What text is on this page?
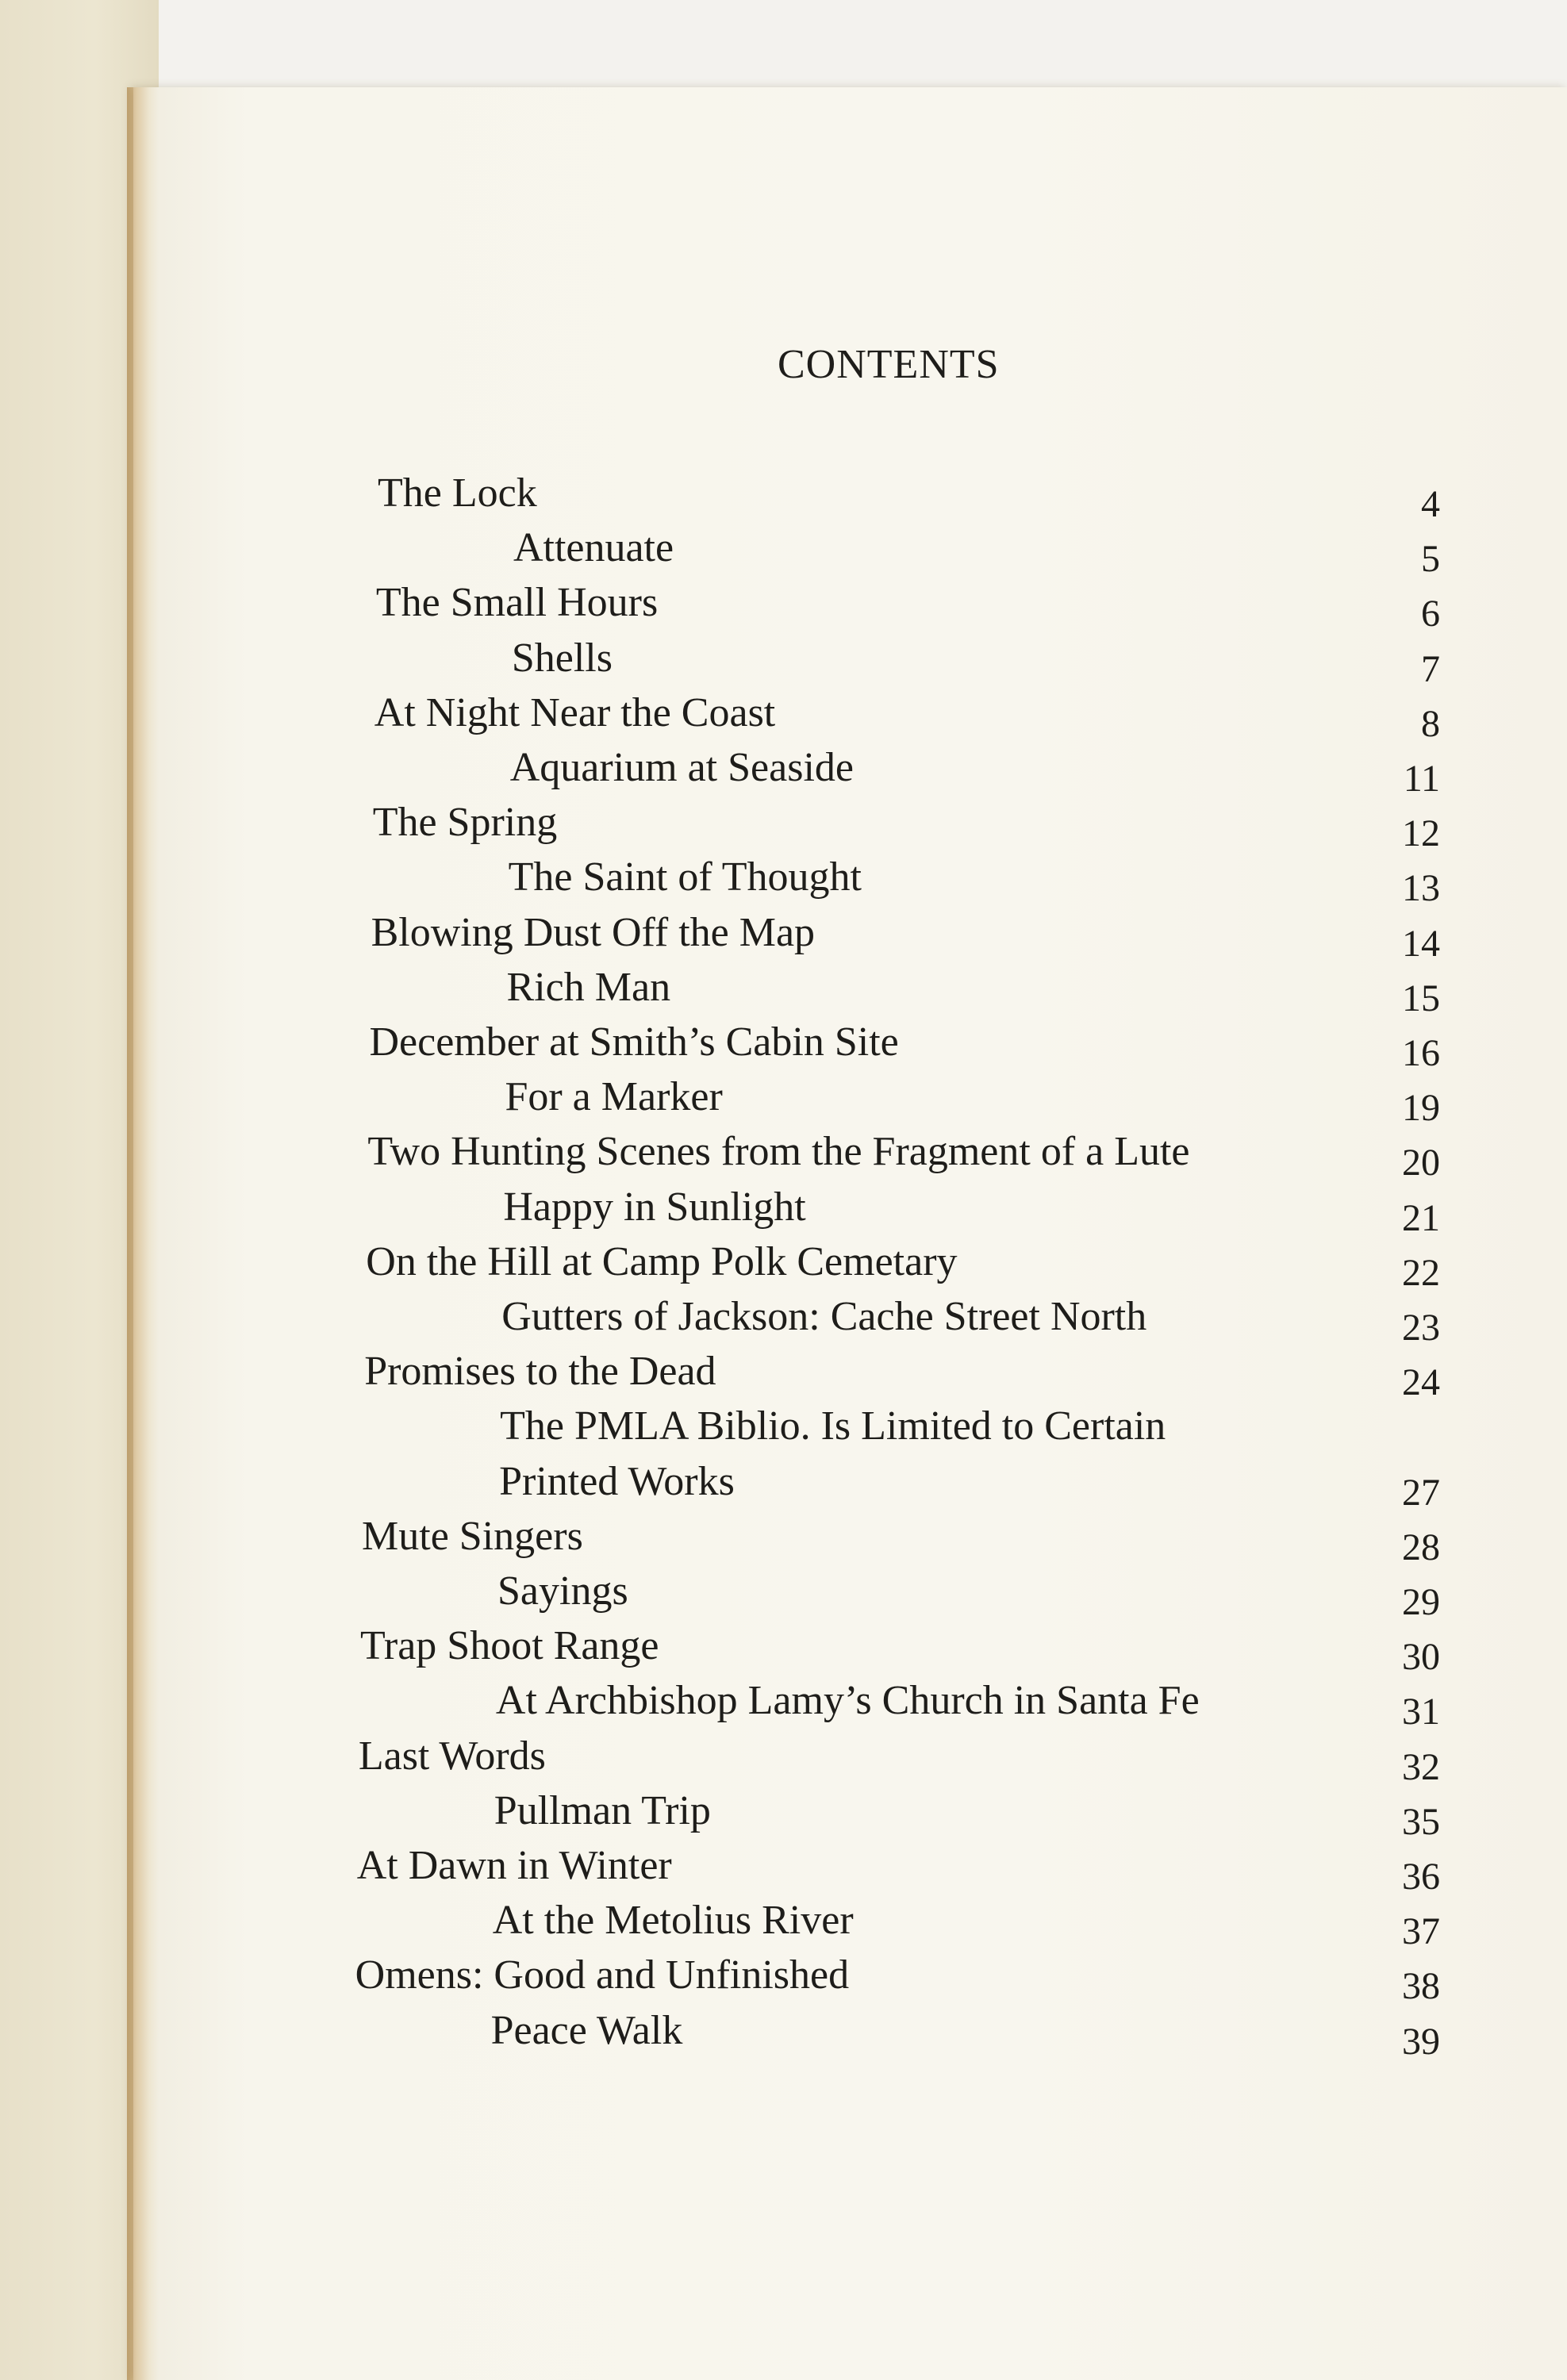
CONTENTS
The Lock	4
Attenuate	5
The Small Hours	6
Shells	7
At Night Near the Coast	8
Aquarium at Seaside	11
The Spring	12
The Saint of Thought	13
Blowing Dust Off the Map	14
Rich Man	15
December at Smith’s Cabin Site	16
For a Marker	19
Two Hunting Scenes from the Fragment of a Lute	20
Happy in Sunlight	21
On the Hill at Camp Polk Cemetary	22
Gutters of Jackson: Cache Street North	23
Promises to the Dead	24
The PMLA Biblio. Is Limited to Certain
Printed Works	27
Mute Singers	28
Sayings	29
Trap Shoot Range	30
At Archbishop Lamy’s Church in Santa Fe	31
Last Words	32
Pullman Trip	35
At Dawn in Winter	36
At the Metolius River	37
Omens: Good and Unfinished	38
Peace Walk	39
